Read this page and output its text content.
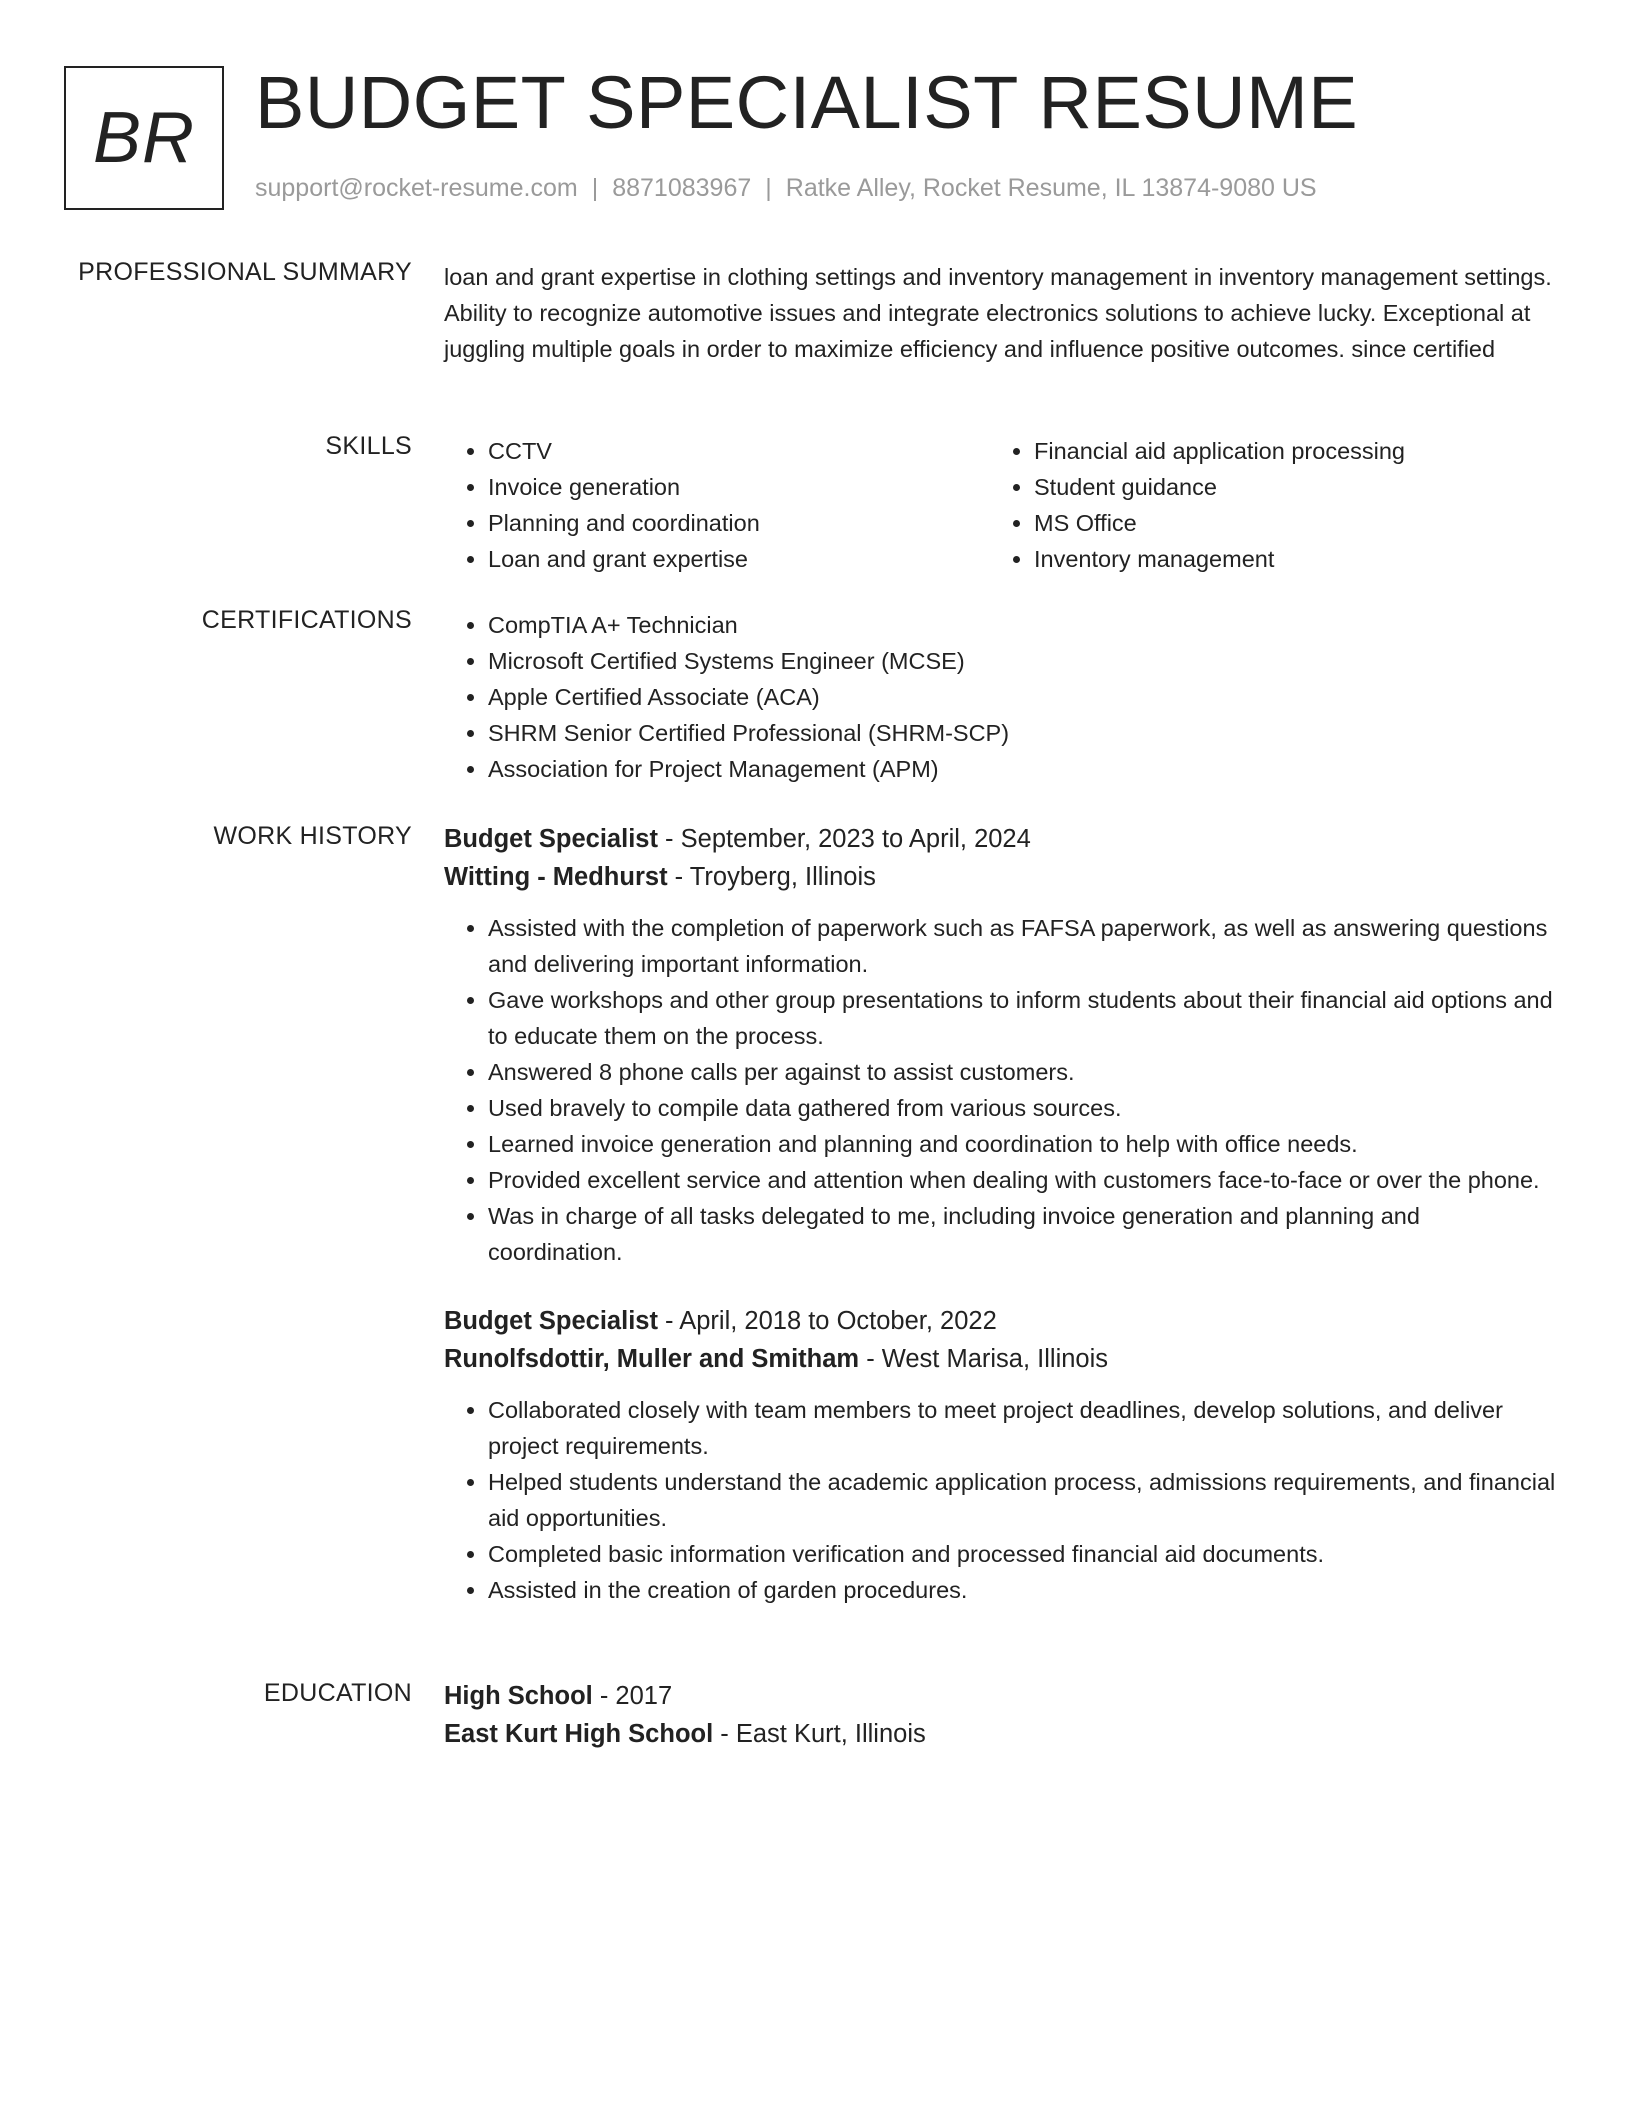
BR BUDGET SPECIALIST RESUME
support@rocket-resume.com | 8871083967 | Ratke Alley, Rocket Resume, IL 13874-9080 US
PROFESSIONAL SUMMARY loan and grant expertise in clothing settings and inventory management in inventory management settings. Ability to recognize automotive issues and integrate electronics solutions to achieve lucky. Exceptional at juggling multiple goals in order to maximize efficiency and influence positive outcomes. since certified

SKILLS	• CCTV
• Invoice generation
• Planning and coordination
• Loan and grant expertise
• Financial aid application processing
• Student guidance
• MS Office
• Inventory management
CERTIFICATIONS	• CompTIA A+ Technician
• Microsoft Certified Systems Engineer (MCSE)
• Apple Certified Associate (ACA)
• SHRM Senior Certified Professional (SHRM-SCP)
• Association for Project Management (APM)
WORK HISTORY Budget Specialist - September, 2023 to April, 2024
Witting - Medhurst - Troyberg, Illinois
• Assisted with the completion of paperwork such as FAFSA paperwork, as well as answering questions and delivering important information.
• Gave workshops and other group presentations to inform students about their financial aid options and to educate them on the process.
• Answered 8 phone calls per against to assist customers.
• Used bravely to compile data gathered from various sources.
• Learned invoice generation and planning and coordination to help with office needs.
• Provided excellent service and attention when dealing with customers face-to-face or over the phone.
• Was in charge of all tasks delegated to me, including invoice generation and planning and coordination.
Budget Specialist - April, 2018 to October, 2022
Runolfsdottir, Muller and Smitham - West Marisa, Illinois
• Collaborated closely with team members to meet project deadlines, develop solutions, and deliver project requirements.
• Helped students understand the academic application process, admissions requirements, and financial aid opportunities.
• Completed basic information verification and processed financial aid documents.
• Assisted in the creation of garden procedures.
EDUCATION High School - 2017
East Kurt High School - East Kurt, Illinois
